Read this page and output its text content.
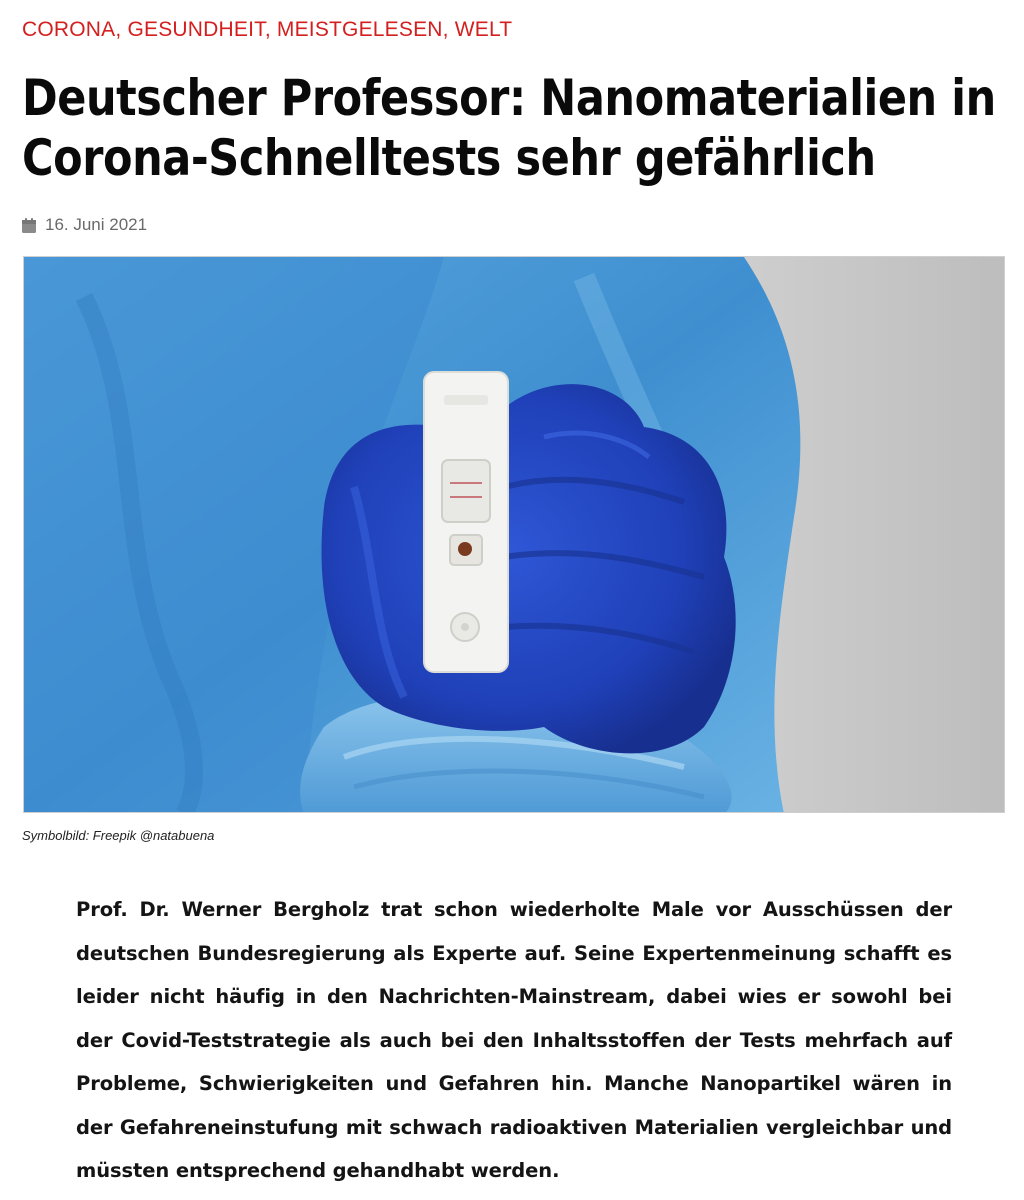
CORONA, GESUNDHEIT, MEISTGELESEN, WELT
Deutscher Professor: Nanomaterialien in Corona-Schnelltests sehr gefährlich
16. Juni 2021
Symbolbild: Freepik @natabuena

Prof. Dr. Werner Bergholz trat schon wiederholte Male vor Ausschüssen der deutschen Bundesregierung als Experte auf. Seine Expertenmeinung schafft es leider nicht häufig in den Nachrichten-Mainstream, dabei wies er sowohl bei der Covid-Teststrategie als auch bei den Inhaltsstoffen der Tests mehrfach auf Probleme, Schwierigkeiten und Gefahren hin. Manche Nanopartikel wären in der Gefahreneinstufung mit schwach radioaktiven Materialien vergleichbar und müssten entsprechend gehandhabt werden.
